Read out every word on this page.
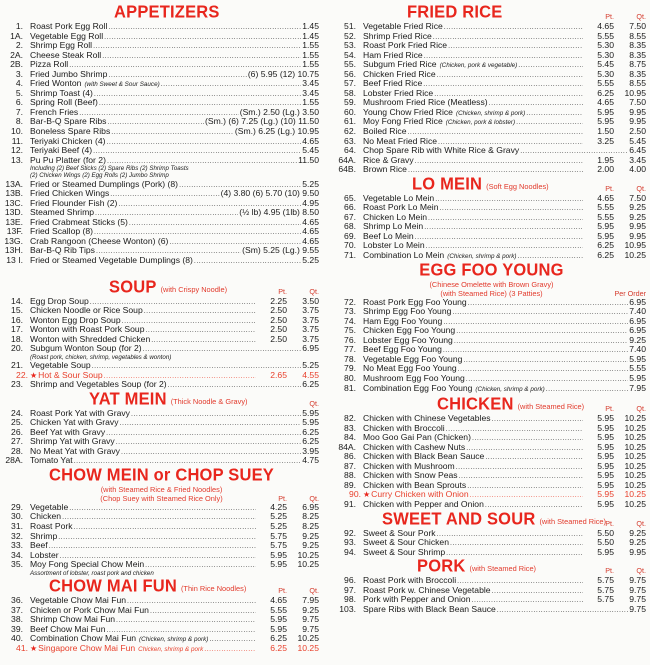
APPETIZERS
1. Roast Pork Egg Roll .....	1.45
1A. Vegetable Egg Roll .....	1.45
2. Shrimp Egg Roll .....	1.55
2A. Cheese Steak Roll .....	1.55
2B. Pizza Roll .....	1.55
3. Fried Jumbo Shrimp .....	(6) 5.95 (12) 10.75
4. Fried Wonton (with Sweet & Sour Sauce) .....	3.45
5. Shrimp Toast (4) .....	3.45
6. Spring Roll (Beef) .....	1.55
7. French Fries .....	(Sm.) 2.50 (Lg.) 3.50
8. Bar-B-Q Spare Ribs .....	(Sm.) (6) 7.25 (Lg.) (10) 11.50
10. Boneless Spare Ribs .....	(Sm.) 6.25 (Lg.) 10.95
11. Teriyaki Chicken (4) .....	4.65
12. Teriyaki Beef (4) .....	5.45
13. Pu Pu Platter (for 2) .....	11.50
Including (2) Beef Sticks (2) Spare Ribs (2) Shrimp Toasts
(2) Chicken Wings (2) Egg Rolls (2) Jumbo Shrimp
13A. Fried or Steamed Dumplings (Pork) (8) .....	5.25
13B. Fried Chicken Wings .....	(4) 3.80 (6) 5.70 (10) 9.50
13C. Fried Flounder Fish (2) .....	4.95
13D. Steamed Shrimp .....	(½ lb) 4.95 (1lb) 8.50
13E. Fried Crabmeat Sticks (5) .....	4.65
13F. Fried Scallop (8) .....	4.65
13G. Crab Rangoon (Cheese Wonton) (6) .....	4.65
13H. Bar-B-Q Rib Tips .....	(Sm) 5.25 (Lg.) 9.55
13 I. Fried or Steamed Vegetable Dumplings (8) .....	5.25
SOUP (with Crispy Noodle)	Pt.	Qt.
14. Egg Drop Soup .....	2.25	3.50
15. Chicken Noodle or Rice Soup .....	2.50	3.75
16. Wonton Egg Drop Soup .....	2.50	3.75
17. Wonton with Roast Pork Soup .....	2.50	3.75
18. Wonton with Shredded Chicken .....	2.50	3.75
20. Subgum Wonton Soup (for 2) .....	6.95
(Roast pork, chicken, shrimp, vegetables & wonton)
21. Vegetable Soup .....	5.25
22. ★ Hot & Sour Soup .....	2.65	4.55
23. Shrimp and Vegetables Soup (for 2) .....	6.25
YAT MEIN (Thick Noodle & Gravy)	Qt.
24. Roast Pork Yat with Gravy .....	5.95
25. Chicken Yat with Gravy .....	5.95
26. Beef Yat with Gravy .....	6.25
27. Shrimp Yat with Gravy .....	6.25
28. No Meat Yat with Gravy .....	3.95
28A. Tomato Yat .....	4.75
CHOW MEIN or CHOP SUEY
(with Steamed Rice & Fried Noodles)
(Chop Suey with Steamed Rice Only)	Pt.	Qt.
29. Vegetable .....	4.25	6.95
30. Chicken .....	5.25	8.25
31. Roast Pork .....	5.25	8.25
32. Shrimp .....	5.75	9.25
33. Beef .....	5.75	9.25
34. Lobster .....	5.95	10.25
35. Moy Fong Special Chow Mein .....	5.95	10.25
Assortment of lobster, roast pork and chicken
CHOW MAI FUN (Thin Rice Noodles)	Pt.	Qt.
36. Vegetable Chow Mai Fun .....	4.65	7.95
37. Chicken or Pork Chow Mai Fun .....	5.55	9.25
38. Shrimp Chow Mai Fun .....	5.95	9.75
39. Beef Chow Mai Fun .....	5.95	9.75
40. Combination Chow Mai Fun (Chicken, shrimp & pork) .....	6.25	10.25
41. ★ Singapore Chow Mai Fun Chicken, shrimp & pork .....	6.25	10.25
FRIED RICE	Pt.	Qt.
51. Vegetable Fried Rice .....	4.65	7.50
52. Shrimp Fried Rice .....	5.55	8.55
53. Roast Pork Fried Rice .....	5.30	8.35
54. Ham Fried Rice .....	5.30	8.35
55. Subgum Fried Rice (Chicken, pork & vegetable) .....	5.45	8.75
56. Chicken Fried Rice .....	5.30	8.35
57. Beef Fried Rice .....	5.55	8.55
58. Lobster Fried Rice .....	6.25	10.95
59. Mushroom Fried Rice (Meatless) .....	4.65	7.50
60. Young Chow Fried Rice (Chicken, shrimp & pork) .....	5.95	9.95
61. Moy Fong Fried Rice (Chicken, pork & lobster) .....	5.95	9.95
62. Boiled Rice .....	1.50	2.50
63. No Meat Fried Rice .....	3.25	5.45
64. Chop Spare Rib with White Rice & Gravy .....	6.45
64A. Rice & Gravy .....	1.95	3.45
64B. Brown Rice .....	2.00	4.00
LO MEIN (Soft Egg Noodles)	Pt.	Qt.
65. Vegetable Lo Mein .....	4.65	7.50
66. Roast Pork Lo Mein .....	5.55	9.25
67. Chicken Lo Mein .....	5.55	9.25
68. Shrimp Lo Mein .....	5.95	9.95
69. Beef Lo Mein .....	5.95	9.95
70. Lobster Lo Mein .....	6.25	10.95
71. Combination Lo Mein (Chicken, shrimp & pork) .....	6.25	10.25
EGG FOO YOUNG
(Chinese Omelette with Brown Gravy)
(with Steamed Rice) (3 Patties)	Per Order
72. Roast Pork Egg Foo Young .....	6.95
73. Shrimp Egg Foo Young .....	7.40
74. Ham Egg Foo Young .....	6.95
75. Chicken Egg Foo Young .....	6.95
76. Lobster Egg Foo Young .....	9.25
77. Beef Egg Foo Young .....	7.40
78. Vegetable Egg Foo Young .....	5.95
79. No Meat Egg Foo Young .....	5.55
80. Mushroom Egg Foo Young .....	5.95
81. Combination Egg Foo Young (Chicken, shrimp & pork) .....	7.95
CHICKEN (with Steamed Rice)	Pt.	Qt.
82. Chicken with Chinese Vegetables .....	5.95	10.25
83. Chicken with Broccoli .....	5.95	10.25
84. Moo Goo Gai Pan (Chicken) .....	5.95	10.25
84A. Chicken with Cashew Nuts .....	5.95	10.25
86. Chicken with Black Bean Sauce .....	5.95	10.25
87. Chicken with Mushroom .....	5.95	10.25
88. Chicken with Snow Peas .....	5.95	10.25
89. Chicken with Bean Sprouts .....	5.95	10.25
90. ★ Curry Chicken with Onion .....	5.95	10.25
91. Chicken with Pepper and Onion .....	5.95	10.25
SWEET AND SOUR (with Steamed Rice) Pt.	Qt.
92. Sweet & Sour Pork .....	5.50	9.25
93. Sweet & Sour Chicken .....	5.50	9.25
94. Sweet & Sour Shrimp .....	5.95	9.95
PORK (with Steamed Rice)	Pt.	Qt.
96. Roast Pork with Broccoli .....	5.75	9.75
97. Roast Pork w. Chinese Vegetable .....	5.75	9.75
98. Pork with Pepper and Onion .....	5.75	9.75
103. Spare Ribs with Black Bean Sauce .....	9.75
